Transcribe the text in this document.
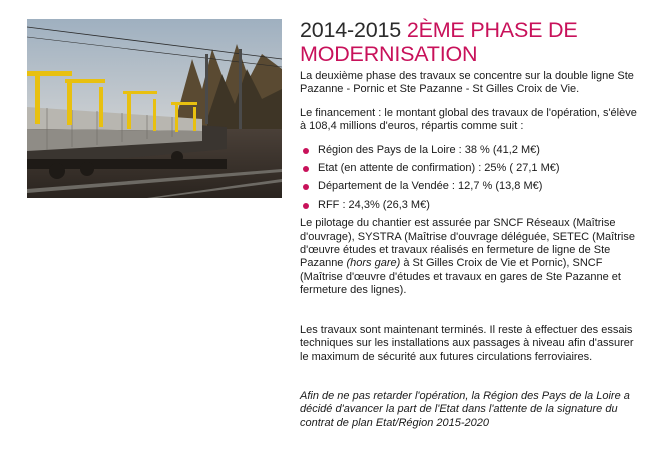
2014-2015 2ÈME PHASE DE MODERNISATION

La deuxième phase des travaux se concentre sur la double ligne Ste Pazanne - Pornic et Ste Pazanne - St Gilles Croix de Vie.

Le financement : le montant global des travaux de l'opération, s'élève à 108,4 millions d'euros, répartis comme suit :

Région des Pays de la Loire : 38 % (41,2 M€)
Etat (en attente de confirmation) : 25% ( 27,1 M€)
Département de la Vendée : 12,7 % (13,8 M€)
RFF : 24,3% (26,3 M€)

Le pilotage du chantier est assurée par SNCF Réseaux (Maîtrise d'ouvrage), SYSTRA (Maîtrise d'ouvrage déléguée, SETEC (Maîtrise d'œuvre études et travaux réalisés en fermeture de ligne de Ste Pazanne (hors gare) à St Gilles Croix de Vie et Pornic), SNCF (Maîtrise d'œuvre d'études et travaux en gares de Ste Pazanne et fermeture des lignes).

Les travaux sont maintenant terminés. Il reste à effectuer des essais techniques sur les installations aux passages à niveau afin d'assurer le maximum de sécurité aux futures circulations ferroviaires.

Afin de ne pas retarder l'opération, la Région des Pays de la Loire a décidé d'avancer la part de l'Etat dans l'attente de la signature du contrat de plan Etat/Région 2015-2020
